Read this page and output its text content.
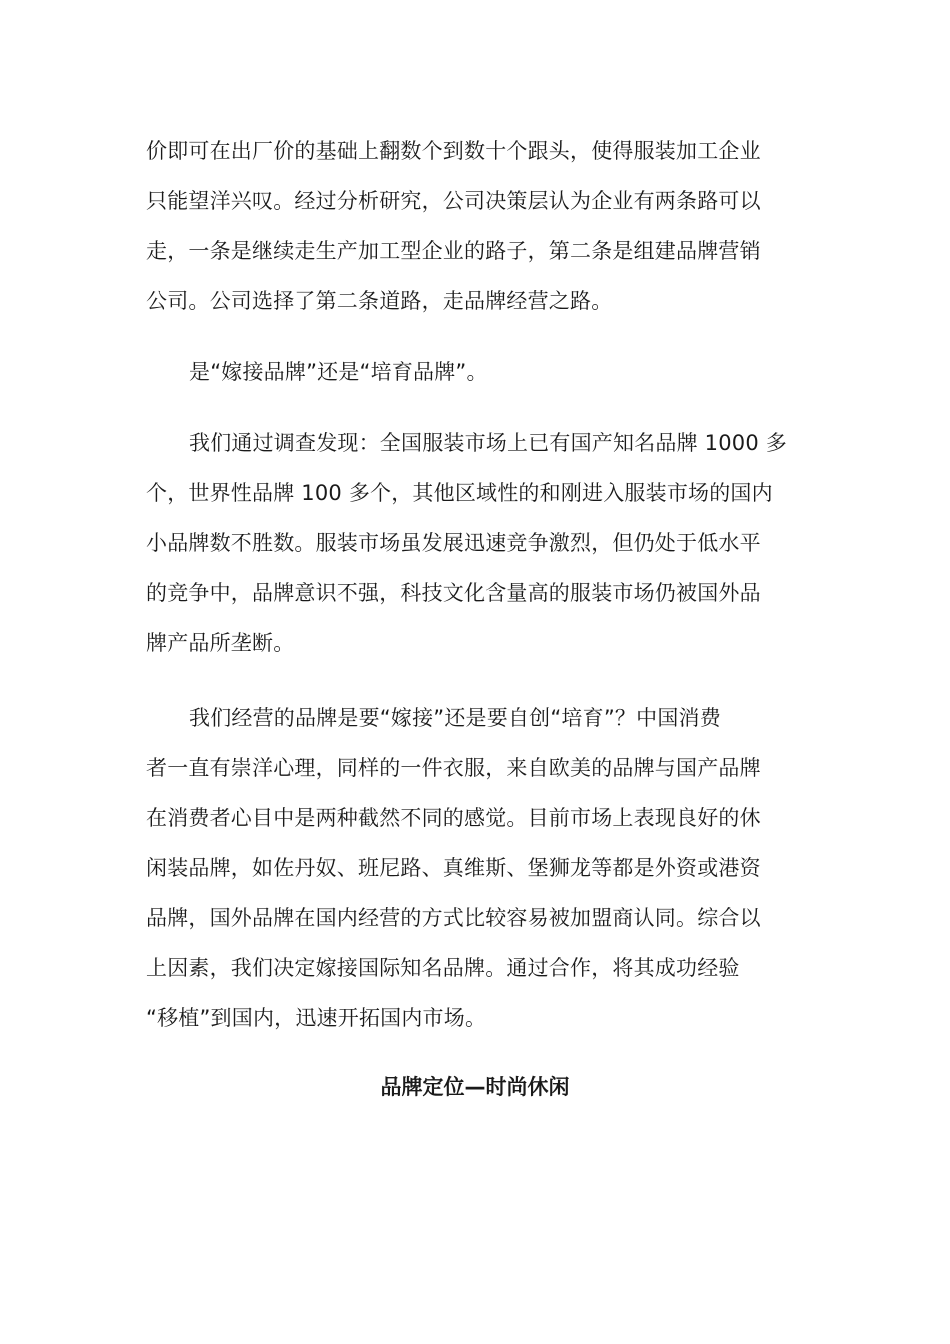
价即可在出厂价的基础上翻数个到数十个跟头，使得服装加工企业
只能望洋兴叹。经过分析研究，公司决策层认为企业有两条路可以
走，一条是继续走生产加工型企业的路子，第二条是组建品牌营销
公司。公司选择了第二条道路，走品牌经营之路。
是“嫁接品牌”还是“培育品牌”。
我们通过调查发现：全国服装市场上已有国产知名品牌 1000 多
个，世界性品牌 100 多个，其他区域性的和刚进入服装市场的国内
小品牌数不胜数。服装市场虽发展迅速竞争激烈，但仍处于低水平
的竞争中，品牌意识不强，科技文化含量高的服装市场仍被国外品
牌产品所垄断。
我们经营的品牌是要“嫁接”还是要自创“培育”？中国消费
者一直有崇洋心理，同样的一件衣服，来自欧美的品牌与国产品牌
在消费者心目中是两种截然不同的感觉。目前市场上表现良好的休
闲装品牌，如佐丹奴、班尼路、真维斯、堡狮龙等都是外资或港资
品牌，国外品牌在国内经营的方式比较容易被加盟商认同。综合以
上因素，我们决定嫁接国际知名品牌。通过合作，将其成功经验
“移植”到国内，迅速开拓国内市场。
品牌定位—时尚休闲
